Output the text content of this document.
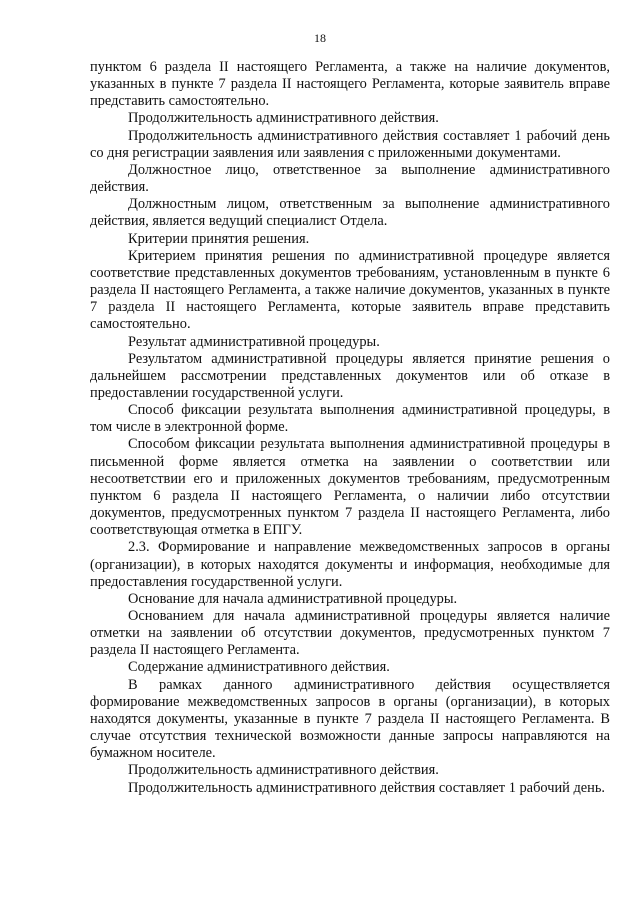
18

пунктом 6 раздела II настоящего Регламента, а также на наличие документов, указанных в пункте 7 раздела II настоящего Регламента, которые заявитель вправе представить самостоятельно.

Продолжительность административного действия.

Продолжительность административного действия составляет 1 рабочий день со дня регистрации заявления или заявления с приложенными документами.

Должностное лицо, ответственное за выполнение административного действия.

Должностным лицом, ответственным за выполнение административного действия, является ведущий специалист Отдела.

Критерии принятия решения.

Критерием принятия решения по административной процедуре является соответствие представленных документов требованиям, установленным в пункте 6 раздела II настоящего Регламента, а также наличие документов, указанных в пункте 7 раздела II настоящего Регламента, которые заявитель вправе представить самостоятельно.

Результат административной процедуры.

Результатом административной процедуры является принятие решения о дальнейшем рассмотрении представленных документов или об отказе в предоставлении государственной услуги.

Способ фиксации результата выполнения административной процедуры, в том числе в электронной форме.

Способом фиксации результата выполнения административной процедуры в письменной форме является отметка на заявлении о соответствии или несоответствии его и приложенных документов требованиям, предусмотренным пунктом 6 раздела II настоящего Регламента, о наличии либо отсутствии документов, предусмотренных пунктом 7 раздела II настоящего Регламента, либо соответствующая отметка в ЕПГУ.

2.3. Формирование и направление межведомственных запросов в органы (организации), в которых находятся документы и информация, необходимые для предоставления государственной услуги.

Основание для начала административной процедуры.

Основанием для начала административной процедуры является наличие отметки на заявлении об отсутствии документов, предусмотренных пунктом 7 раздела II настоящего Регламента.

Содержание административного действия.

В рамках данного административного действия осуществляется формирование межведомственных запросов в органы (организации), в которых находятся документы, указанные в пункте 7 раздела II настоящего Регламента. В случае отсутствия технической возможности данные запросы направляются на бумажном носителе.

Продолжительность административного действия.

Продолжительность административного действия составляет 1 рабочий день.
